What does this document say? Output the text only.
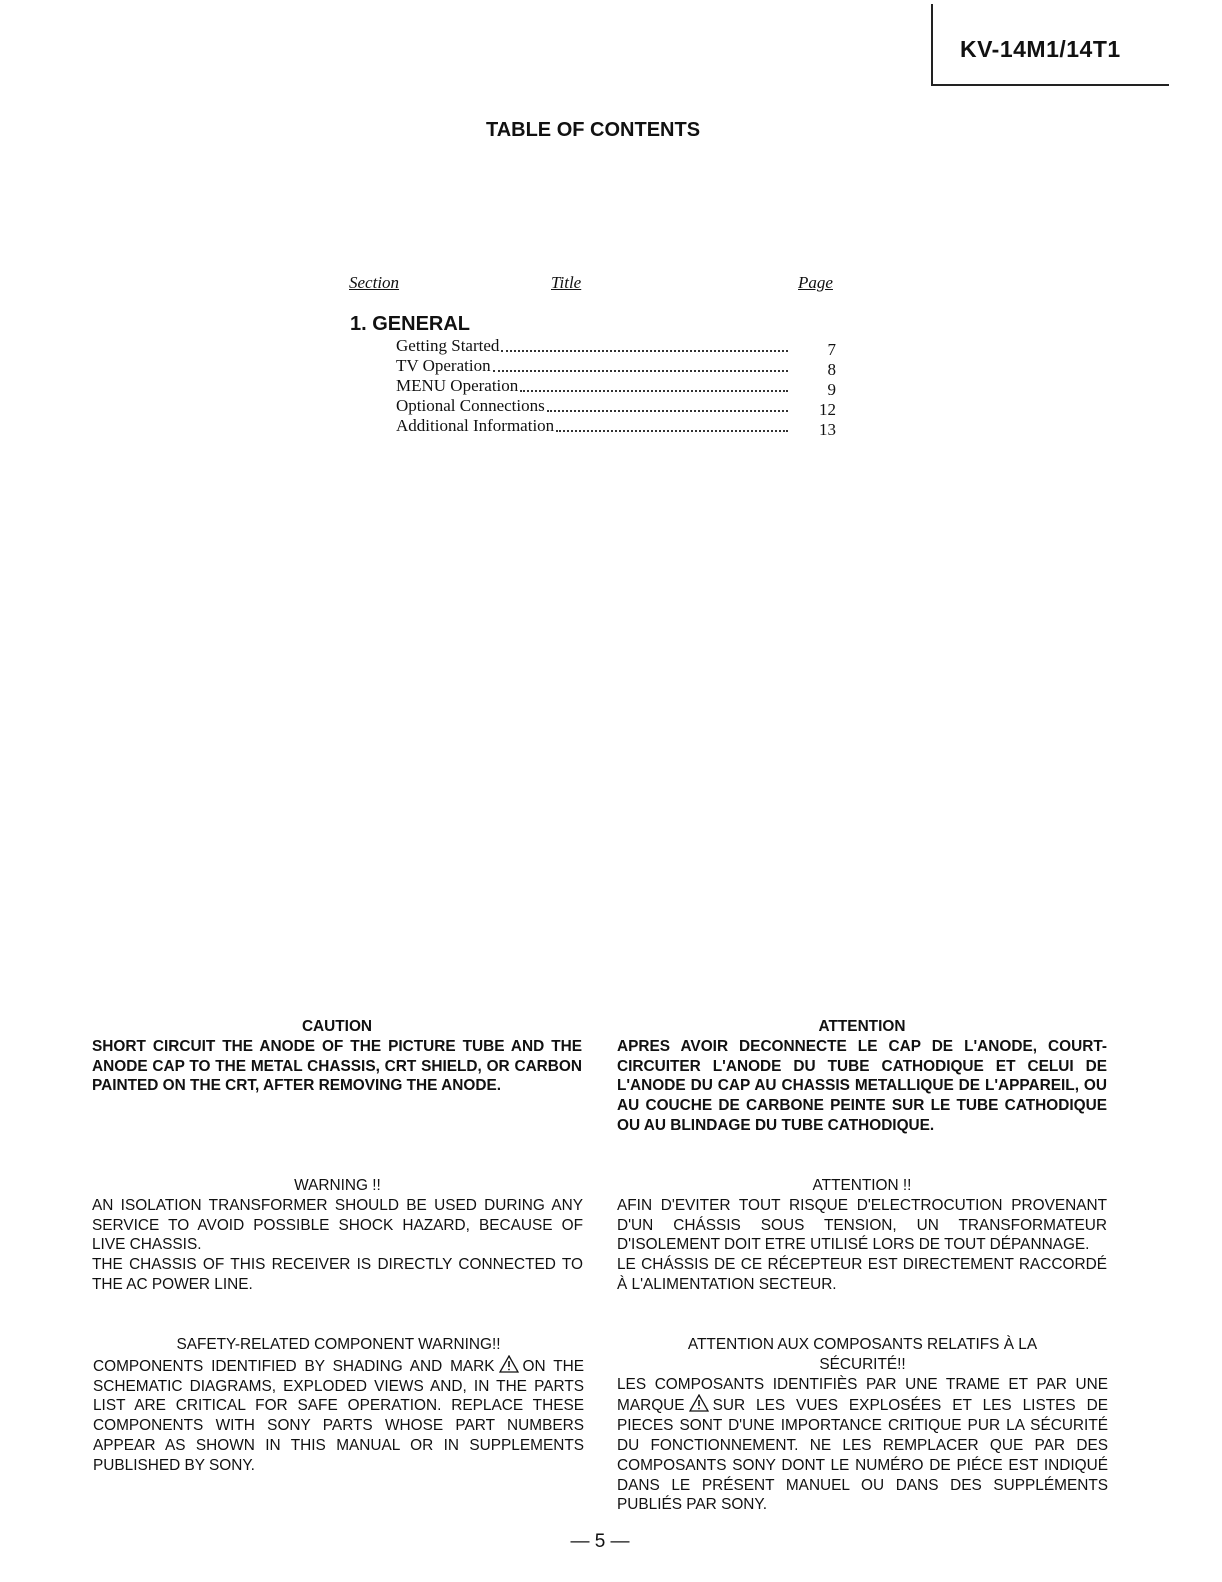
KV-14M1/14T1
TABLE OF CONTENTS
Section	Title	Page
1. GENERAL
Getting Started	7
TV Operation	8
MENU Operation	9
Optional Connections	12
Additional Information	13
CAUTION
SHORT CIRCUIT THE ANODE OF THE PICTURE TUBE AND THE ANODE CAP TO THE METAL CHASSIS, CRT SHIELD, OR CARBON PAINTED ON THE CRT, AFTER REMOVING THE ANODE.
ATTENTION
APRES AVOIR DECONNECTE LE CAP DE L'ANODE, COURT-CIRCUITER L'ANODE DU TUBE CATHODIQUE ET CELUI DE L'ANODE DU CAP AU CHASSIS METALLIQUE DE L'APPAREIL, OU AU COUCHE DE CARBONE PEINTE SUR LE TUBE CATHODIQUE OU AU BLINDAGE DU TUBE CATHODIQUE.
WARNING !!
AN ISOLATION TRANSFORMER SHOULD BE USED DURING ANY SERVICE TO AVOID POSSIBLE SHOCK HAZARD, BECAUSE OF LIVE CHASSIS.
THE CHASSIS OF THIS RECEIVER IS DIRECTLY CONNECTED TO THE AC POWER LINE.
ATTENTION !!
AFIN D'EVITER TOUT RISQUE D'ELECTROCUTION PROVENANT D'UN CHÁSSIS SOUS TENSION, UN TRANSFORMATEUR D'ISOLEMENT DOIT ETRE UTILISÉ LORS DE TOUT DÉPANNAGE.
LE CHÁSSIS DE CE RÉCEPTEUR EST DIRECTEMENT RACCORDÉ À L'ALIMENTATION SECTEUR.
SAFETY-RELATED COMPONENT WARNING!!
COMPONENTS IDENTIFIED BY SHADING AND MARK ON THE SCHEMATIC DIAGRAMS, EXPLODED VIEWS AND, IN THE PARTS LIST ARE CRITICAL FOR SAFE OPERATION. REPLACE THESE COMPONENTS WITH SONY PARTS WHOSE PART NUMBERS APPEAR AS SHOWN IN THIS MANUAL OR IN SUPPLEMENTS PUBLISHED BY SONY.
ATTENTION AUX COMPOSANTS RELATIFS À LA SÉCURITÉ!!
LES COMPOSANTS IDENTIFIÈS PAR UNE TRAME ET PAR UNE MARQUE SUR LES VUES EXPLOSÉES ET LES LISTES DE PIECES SONT D'UNE IMPORTANCE CRITIQUE PUR LA SÉCURITÉ DU FONCTIONNEMENT. NE LES REMPLACER QUE PAR DES COMPOSANTS SONY DONT LE NUMÉRO DE PIÉCE EST INDIQUÉ DANS LE PRÉSENT MANUEL OU DANS DES SUPPLÉMENTS PUBLIÉS PAR SONY.
— 5 —
